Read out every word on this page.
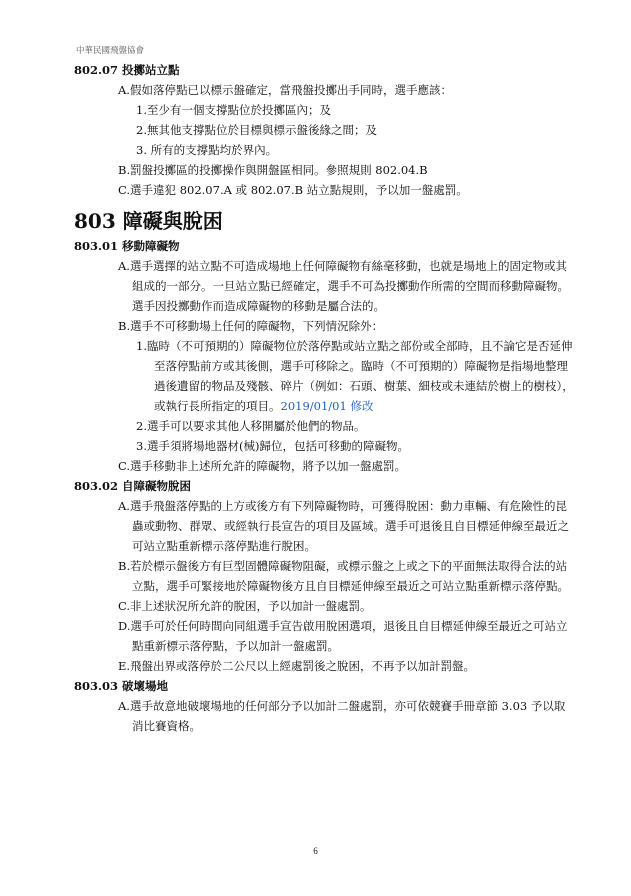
中華民國飛盤協會

802.07 投擲站立點

A.假如落停點已以標示盤確定，當飛盤投擲出手同時，選手應該：

1.至少有一個支撐點位於投擲區內；及

2.無其他支撐點位於目標與標示盤後緣之間；及

3. 所有的支撐點均於界內。

B.罰盤投擲區的投擲操作與開盤區相同。參照規則 802.04.B

C.選手違犯 802.07.A 或 802.07.B 站立點規則，予以加一盤處罰。

803 障礙與脫困

803.01 移動障礙物

A.選手選擇的站立點不可造成場地上任何障礙物有絲毫移動，也就是場地上的固定物或其組成的一部分。一旦站立點已經確定，選手不可為投擲動作所需的空間而移動障礙物。選手因投擲動作而造成障礙物的移動是屬合法的。

B.選手不可移動場上任何的障礙物，下列情況除外：

1.臨時（不可預期的）障礙物位於落停點或站立點之部份或全部時，且不論它是否延伸至落停點前方或其後側，選手可移除之。臨時（不可預期的）障礙物是指場地整理過後遺留的物品及殘骸、碎片（例如：石頭、樹葉、細枝或未連結於樹上的樹枝），或執行長所指定的項目。2019/01/01 修改

2.選手可以要求其他人移開屬於他們的物品。

3.選手須將場地器材(械)歸位，包括可移動的障礙物。

C.選手移動非上述所允許的障礙物，將予以加一盤處罰。

803.02 自障礙物脫困

A.選手飛盤落停點的上方或後方有下列障礙物時，可獲得脫困：動力車輛、有危險性的昆蟲或動物、群眾、或經執行長宣告的項目及區域。選手可退後且自目標延伸線至最近之可站立點重新標示落停點進行脫困。

B.若於標示盤後方有巨型固體障礙物阻礙，或標示盤之上或之下的平面無法取得合法的站立點，選手可緊接地於障礙物後方且自目標延伸線至最近之可站立點重新標示落停點。

C.非上述狀況所允許的脫困，予以加計一盤處罰。

D.選手可於任何時間向同組選手宣告啟用脫困選項，退後且自目標延伸線至最近之可站立點重新標示落停點，予以加計一盤處罰。

E.飛盤出界或落停於二公尺以上經處罰後之脫困，不再予以加計罰盤。

803.03 破壞場地

A.選手故意地破壞場地的任何部分予以加計二盤處罰，亦可依競賽手冊章節 3.03 予以取消比賽資格。

6
